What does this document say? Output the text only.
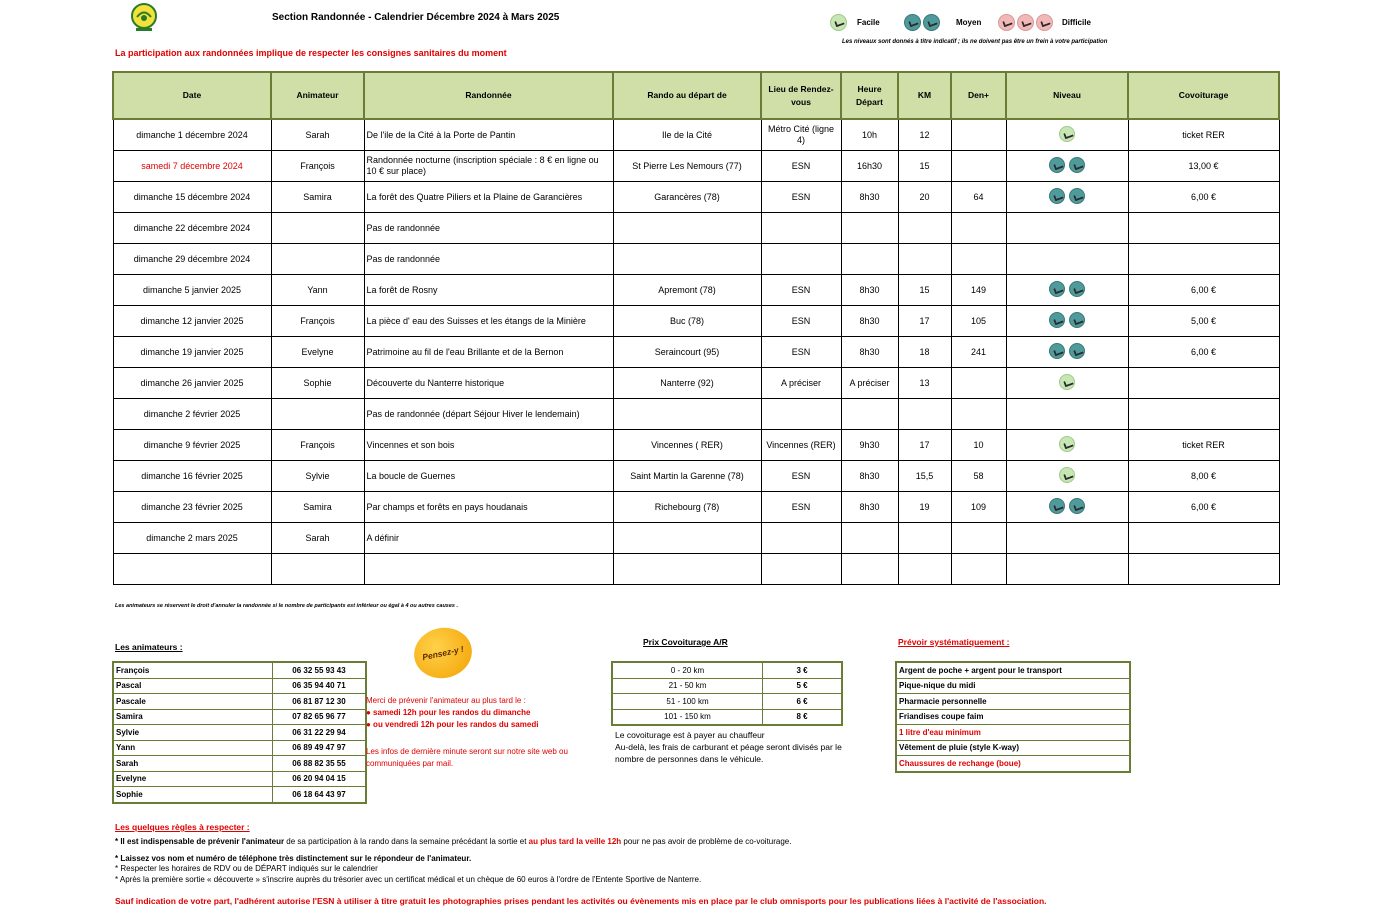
Section Randonnée - Calendrier Décembre 2024 à Mars 2025	Facile	Moyen	Difficile
Les niveaux sont donnés à titre indicatif ; ils ne doivent pas être un frein à votre participation
La participation aux randonnées implique de respecter les consignes sanitaires du moment
Date	Animateur	Randonnée	Rando au départ de	Lieu de Rendez-vous	Heure Départ	KM	Den+	Niveau	Covoiturage
dimanche 1 décembre 2024	Sarah	De l'ile de la Cité à la Porte de Pantin	Ile de la Cité	Métro Cité (ligne 4)	10h	12			ticket RER
samedi 7 décembre 2024	François	Randonnée nocturne (inscription spéciale : 8 € en ligne ou 10 € sur place)	St Pierre Les Nemours (77)	ESN	16h30	15			13,00 €
dimanche 15 décembre 2024	Samira	La forêt des Quatre Piliers et la Plaine de Garancières	Garancères (78)	ESN	8h30	20	64		6,00 €
dimanche 22 décembre 2024		Pas de randonnée							
dimanche 29 décembre 2024		Pas de randonnée							
dimanche 5 janvier 2025	Yann	La forêt de Rosny	Apremont (78)	ESN	8h30	15	149		6,00 €
dimanche 12 janvier 2025	François	La pièce d' eau des Suisses et les étangs de la Minière	Buc (78)	ESN	8h30	17	105		5,00 €
dimanche 19 janvier 2025	Evelyne	Patrimoine au fil de l'eau Brillante et de la Bernon	Seraincourt (95)	ESN	8h30	18	241		6,00 €
dimanche 26 janvier 2025	Sophie	Découverte du Nanterre historique	Nanterre (92)	A préciser	A préciser	13		

dimanche 2 février 2025		Pas de randonnée (départ Séjour Hiver le lendemain)							
dimanche 9 février 2025	François	Vincennes et son bois	Vincennes ( RER)	Vincennes (RER)	9h30	17	10		ticket RER
dimanche 16 février 2025	Sylvie	La boucle de Guernes	Saint Martin la Garenne (78)	ESN	8h30	15,5	58		8,00 €
dimanche 23 février 2025	Samira	Par champs et forêts en pays houdanais	Richebourg (78)	ESN	8h30	19	109		6,00 €
dimanche 2 mars 2025	Sarah	A définir							

Les animateurs se réservent le droit d'annuler la randonnée si le nombre de participants est inférieur ou égal à 4 ou autres causes .
Les animateurs :
François	06 32 55 93 43
Pascal	06 35 94 40 71
Pascale	06 81 87 12 30
Samira	07 82 65 96 77
Sylvie	06 31 22 29 94
Yann	06 89 49 47 97
Sarah	06 88 82 35 55
Evelyne	06 20 94 04 15
Sophie	06 18 64 43 97
Pensez-y !
Merci de prévenir l'animateur au plus tard le :
● samedi 12h pour les randos du dimanche
● ou vendredi 12h pour les randos du samedi
Les infos de dernière minute seront sur notre site web ou communiquées par mail.
Prix Covoiturage A/R
0 - 20 km	3 €
21 - 50 km	5 €
51 - 100 km	6 €
101 - 150 km	8 €
Le covoiturage est à payer au chauffeur
Au-delà, les frais de carburant et péage seront divisés par le nombre de personnes dans le véhicule.
Prévoir systématiquement :
Argent de poche + argent pour le transport
Pique-nique du midi
Pharmacie personnelle
Friandises coupe faim
1 litre d'eau minimum
Vêtement de pluie (style K-way)
Chaussures de rechange (boue)
Les quelques règles à respecter :
* Il est indispensable de prévenir l'animateur de sa participation à la rando dans la semaine précédant la sortie et au plus tard la veille 12h pour ne pas avoir de problème de co-voiturage.
* Laissez vos nom et numéro de téléphone très distinctement sur le répondeur de l'animateur.
* Respecter les horaires de RDV ou de DÉPART indiqués sur le calendrier
* Après la première sortie « découverte » s'inscrire auprès du trésorier avec un certificat médical et un chèque de 60 euros à l'ordre de l'Entente Sportive de Nanterre.
Sauf indication de votre part, l'adhérent autorise l'ESN à utiliser à titre gratuit les photographies prises pendant les activités ou évènements mis en place par le club omnisports pour les publications liées à l'activité de l'association.
